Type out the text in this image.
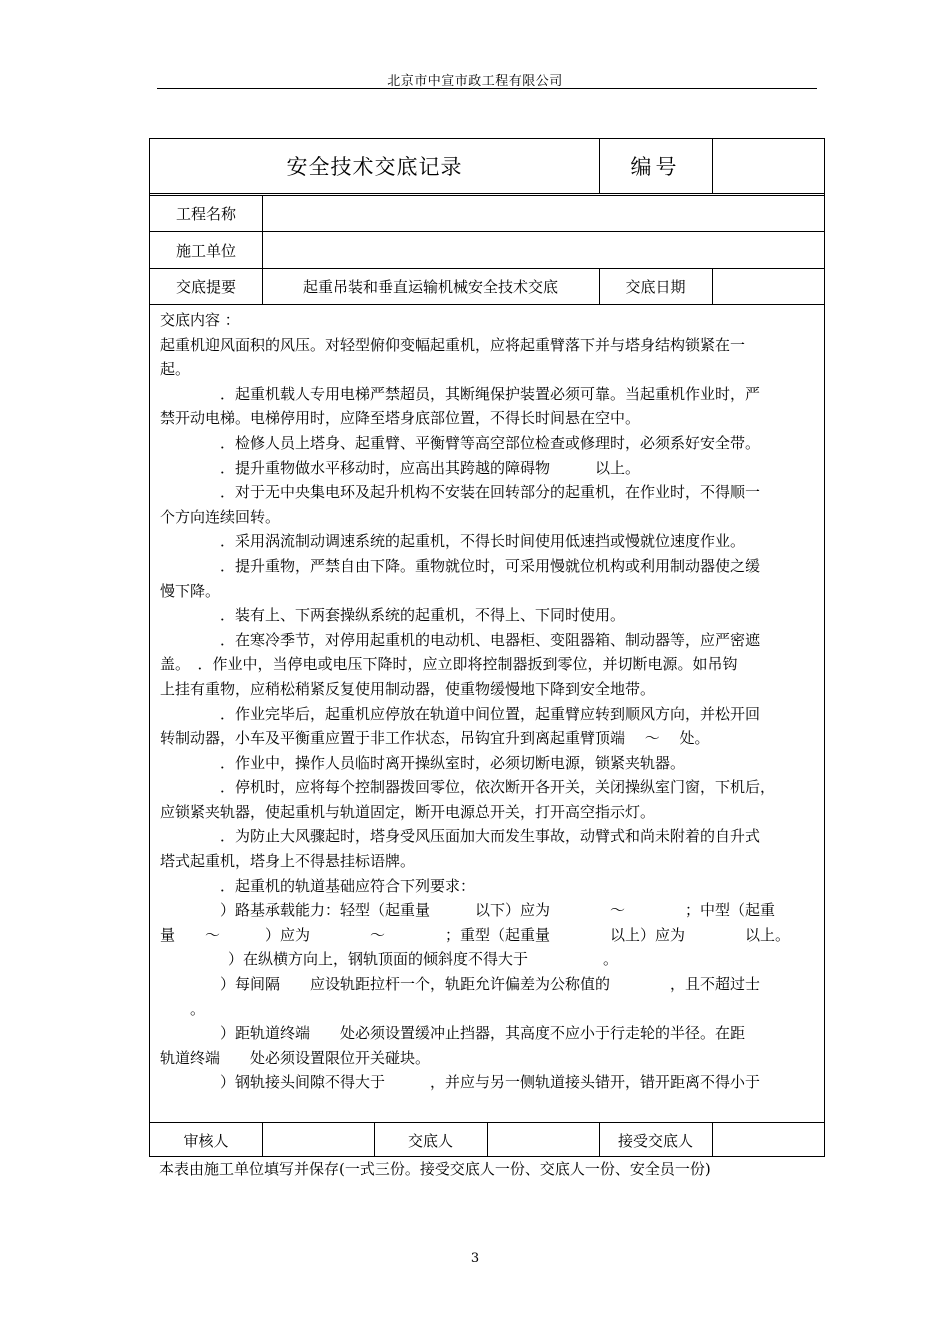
北京市中宣市政工程有限公司
安全技术交底记录	编号
工程名称
施工单位
交底提要	起重吊装和垂直运输机械安全技术交底	交底日期

交底内容 ：

起重机迎风面积的风压。对轻型俯仰变幅起重机，应将起重臂落下并与塔身结构锁紧在一

起。

．起重机载人专用电梯严禁超员，其断绳保护装置必须可靠。当起重机作业时，严

禁开动电梯。电梯停用时，应降至塔身底部位置，不得长时间悬在空中。

．检修人员上塔身、起重臂、平衡臂等高空部位检查或修理时，必须系好安全带。

．提升重物做水平移动时，应高出其跨越的障碍物　　　以上。

．对于无中央集电环及起升机构不安装在回转部分的起重机，在作业时，不得顺一

个方向连续回转。

．采用涡流制动调速系统的起重机，不得长时间使用低速挡或慢就位速度作业。

．提升重物，严禁自由下降。重物就位时，可采用慢就位机构或利用制动器使之缓

慢下降。

．装有上、下两套操纵系统的起重机，不得上、下同时使用。

．在寒冷季节，对停用起重机的电动机、电器柜、变阻器箱、制动器等，应严密遮

盖。　．作业中，当停电或电压下降时，应立即将控制器扳到零位，并切断电源。如吊钩

上挂有重物，应稍松稍紧反复使用制动器，使重物缓慢地下降到安全地带。

．作业完毕后，起重机应停放在轨道中间位置，起重臂应转到顺风方向，并松开回

转制动器，小车及平衡重应置于非工作状态，吊钩宜升到离起重臂顶端　 ～　 处。

．作业中，操作人员临时离开操纵室时，必须切断电源，锁紧夹轨器。

．停机时，应将每个控制器拨回零位，依次断开各开关，关闭操纵室门窗，下机后，

应锁紧夹轨器，使起重机与轨道固定，断开电源总开关，打开高空指示灯。

．为防止大风骤起时，塔身受风压面加大而发生事故，动臂式和尚未附着的自升式

塔式起重机，塔身上不得悬挂标语牌。

．起重机的轨道基础应符合下列要求：

）路基承载能力：轻型（起重量　　　以下）应为　　　　～　　　　；中型（起重

量　　～　　　）应为　　　　～　　　　；重型（起重量　　　　以上）应为　　　　以上。

）在纵横方向上，钢轨顶面的倾斜度不得大于　　　　　。

）每间隔　　应设轨距拉杆一个，轨距允许偏差为公称值的　　　　，且不超过士

。

）距轨道终端　　处必须设置缓冲止挡器，其高度不应小于行走轮的半径。在距

轨道终端　　处必须设置限位开关碰块。

）钢轨接头间隙不得大于　　　，并应与另一侧轨道接头错开，错开距离不得小于

审核人	交底人	接受交底人
本表由施工单位填写并保存(一式三份。接受交底人一份、交底人一份、安全员一份)
3
